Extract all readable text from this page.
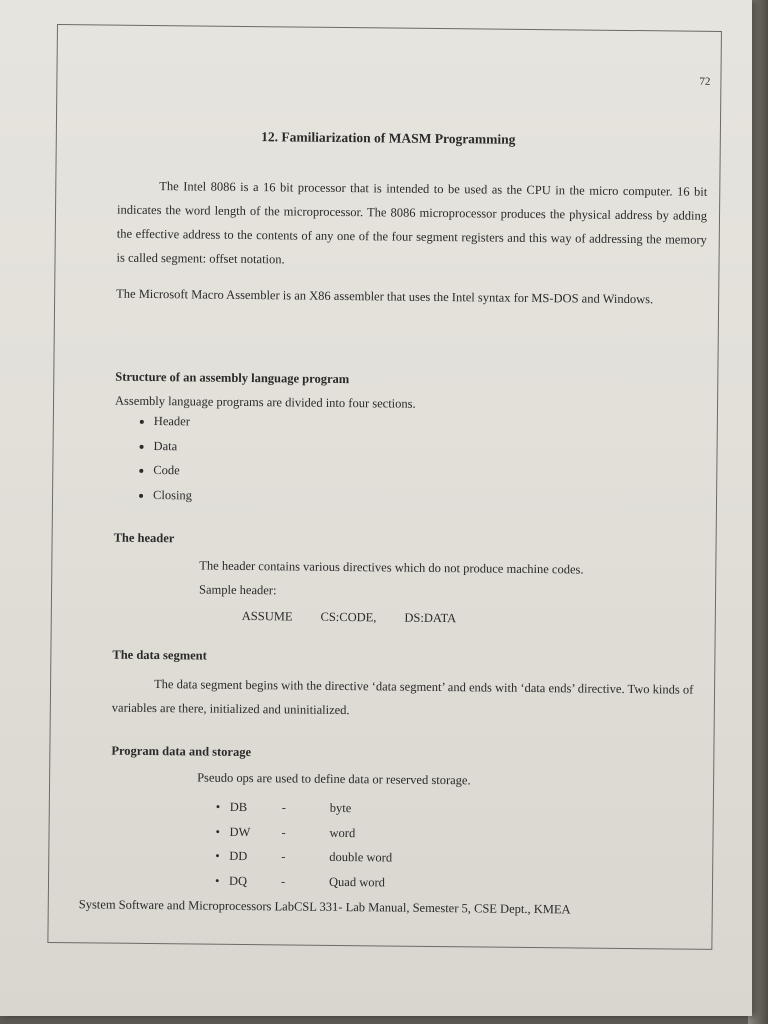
72
12. Familiarization of MASM Programming
The Intel 8086 is a 16 bit processor that is intended to be used as the CPU in the micro computer. 16 bit indicates the word length of the microprocessor. The 8086 microprocessor produces the physical address by adding the effective address to the contents of any one of the four segment registers and this way of addressing the memory is called segment: offset notation.
The Microsoft Macro Assembler is an X86 assembler that uses the Intel syntax for MS-DOS and Windows.
Structure of an assembly language program
Assembly language programs are divided into four sections.
• Header
• Data
• Code
• Closing
The header
The header contains various directives which do not produce machine codes.
Sample header:
ASSUME CS:CODE, DS:DATA
The data segment
The data segment begins with the directive ‘data segment’ and ends with ‘data ends’ directive. Two kinds of variables are there, initialized and uninitialized.
Program data and storage
Pseudo ops are used to define data or reserved storage.
• DB	-	byte
• DW	-	word
• DD	-	double word
• DQ	-	Quad word
System Software and Microprocessors LabCSL 331- Lab Manual, Semester 5, CSE Dept., KMEA
